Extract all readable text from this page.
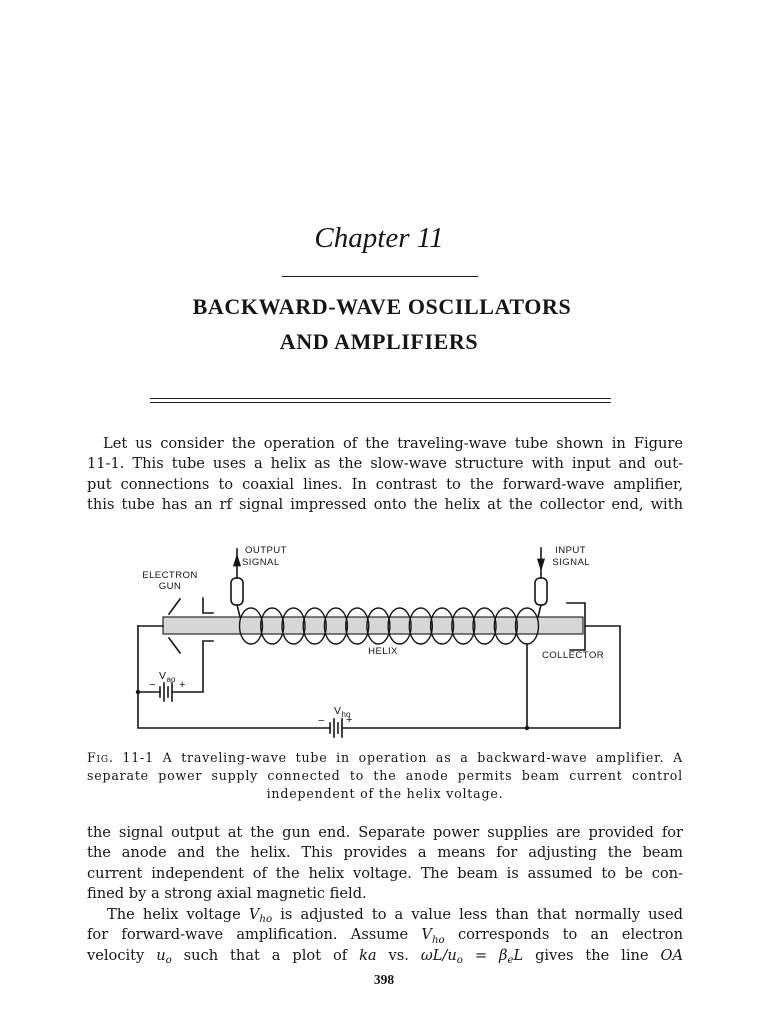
Chapter 11
BACKWARD-WAVE OSCILLATORS
AND AMPLIFIERS
Let us consider the operation of the traveling-wave tube shown in Figure
11-1. This tube uses a helix as the slow-wave structure with input and out-
put connections to coaxial lines. In contrast to the forward-wave amplifier,
this tube has an rf signal impressed onto the helix at the collector end, with
OUTPUT
SIGNAL
INPUT
SIGNAL
ELECTRON
GUN
HELIX	COLLECTOR
V ao
− +
V ho
− +
Fig. 11-1 A traveling-wave tube in operation as a backward-wave amplifier. A
separate power supply connected to the anode permits beam current control
independent of the helix voltage.
the signal output at the gun end. Separate power supplies are provided for
the anode and the helix. This provides a means for adjusting the beam
current independent of the helix voltage. The beam is assumed to be con-
fined by a strong axial magnetic field.
The helix voltage $V_{ho}$ is adjusted to a value less than that normally used
for forward-wave amplification. Assume $V_{ho}$ corresponds to an electron
velocity $u_o$ such that a plot of ka vs. $\omega L/u_o = \beta_eL$ gives the line OA
398
